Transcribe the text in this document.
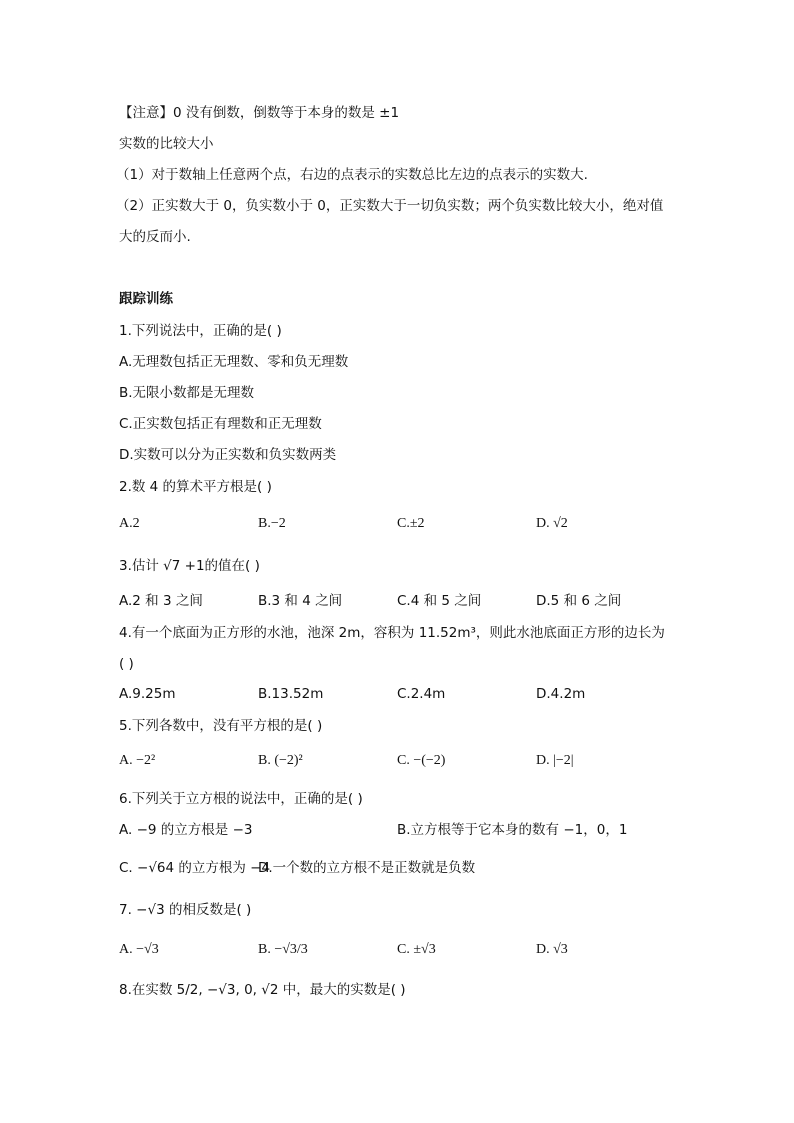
【注意】0 没有倒数，倒数等于本身的数是 ±1
实数的比较大小
（1）对于数轴上任意两个点，右边的点表示的实数总比左边的点表示的实数大.
（2）正实数大于 0，负实数小于 0，正实数大于一切负实数；两个负实数比较大小，绝对值
大的反而小.
跟踪训练
1.下列说法中，正确的是( )
A.无理数包括正无理数、零和负无理数
B.无限小数都是无理数
C.正实数包括正有理数和正无理数
D.实数可以分为正实数和负实数两类
2.数 4 的算术平方根是( )
A.2	B.−2	C.±2	D. √2
3.估计 √7 +1的值在( )
A.2 和 3 之间	B.3 和 4 之间	C.4 和 5 之间	D.5 和 6 之间
4.有一个底面为正方形的水池，池深 2m，容积为 11.52m³，则此水池底面正方形的边长为
( )
A.9.25m	B.13.52m	C.2.4m	D.4.2m
5.下列各数中，没有平方根的是( )
A. −2²	B. (−2)²	C. −(−2)	D. |−2|
6.下列关于立方根的说法中，正确的是( )
A. −9 的立方根是 −3	B.立方根等于它本身的数有 −1，0，1
C. −√64 的立方根为 −4
D.一个数的立方根不是正数就是负数
7. −√3 的相反数是( )
A. −√3	B. −√3/3	C. ±√3	D. √3
8.在实数 5/2, −√3, 0, √2 中，最大的实数是( )
